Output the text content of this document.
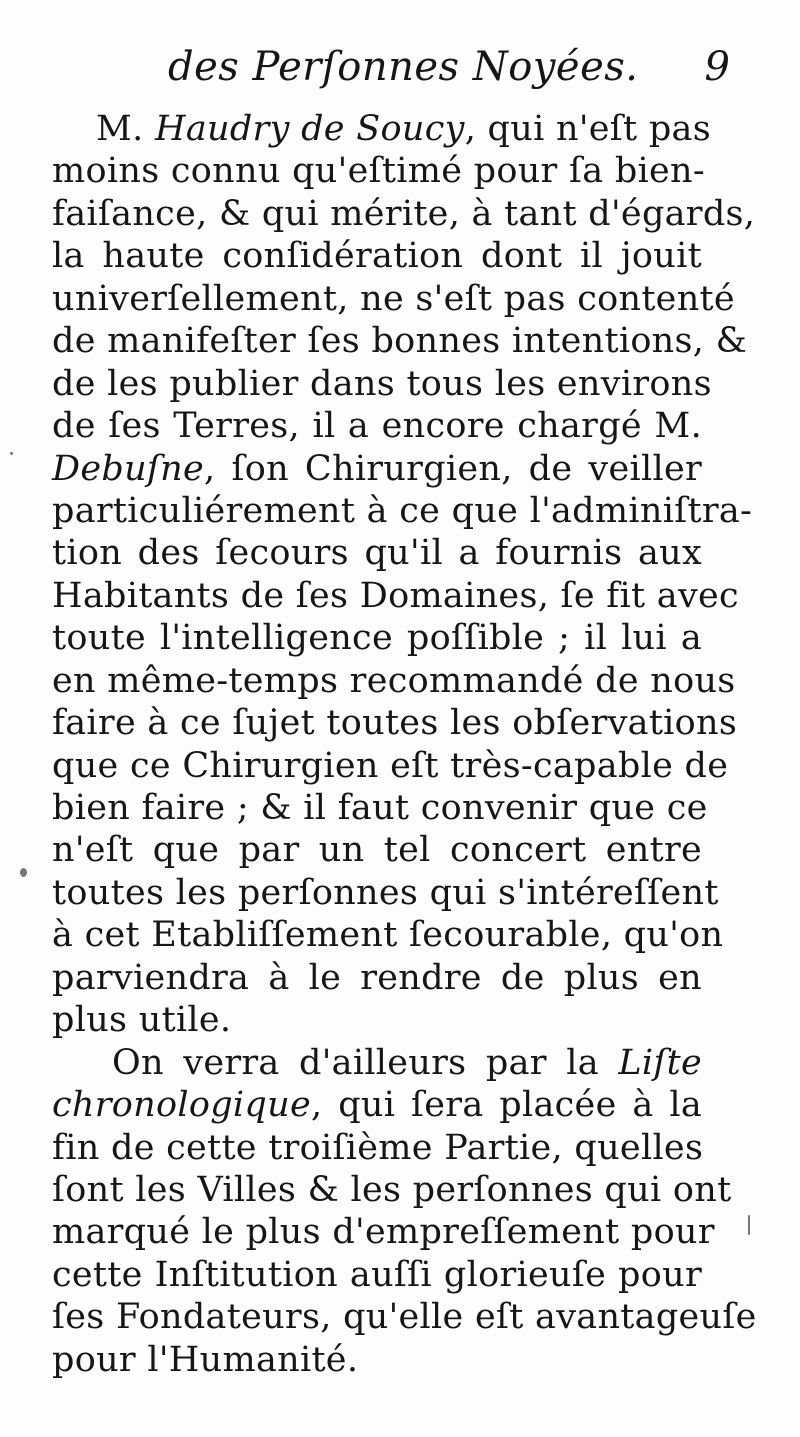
des Perſonnes Noyées. 9
M. Haudry de Soucy, qui n'eſt pas
moins connu qu'eſtimé pour ſa bien-
faiſance, & qui mérite, à tant d'égards,
la haute conſidération dont il jouit
univerſellement, ne s'eſt pas contenté
de manifeſter ſes bonnes intentions, &
de les publier dans tous les environs
de ſes Terres, il a encore chargé M.
Debuſne, ſon Chirurgien, de veiller
particuliérement à ce que l'adminiſtra-
tion des ſecours qu'il a fournis aux
Habitants de ſes Domaines, ſe fit avec
toute l'intelligence poſſible ; il lui a
en même-temps recommandé de nous
faire à ce ſujet toutes les obſervations
que ce Chirurgien eſt très-capable de
bien faire ; & il faut convenir que ce
n'eſt que par un tel concert entre
toutes les perſonnes qui s'intéreſſent
à cet Etabliſſement ſecourable, qu'on
parviendra à le rendre de plus en
plus utile.
On verra d'ailleurs par la Liſte
chronologique, qui ſera placée à la
fin de cette troiſième Partie, quelles
ſont les Villes & les perſonnes qui ont
marqué le plus d'empreſſement pour
cette Inſtitution auſſi glorieuſe pour
ſes Fondateurs, qu'elle eſt avantageuſe
pour l'Humanité.
